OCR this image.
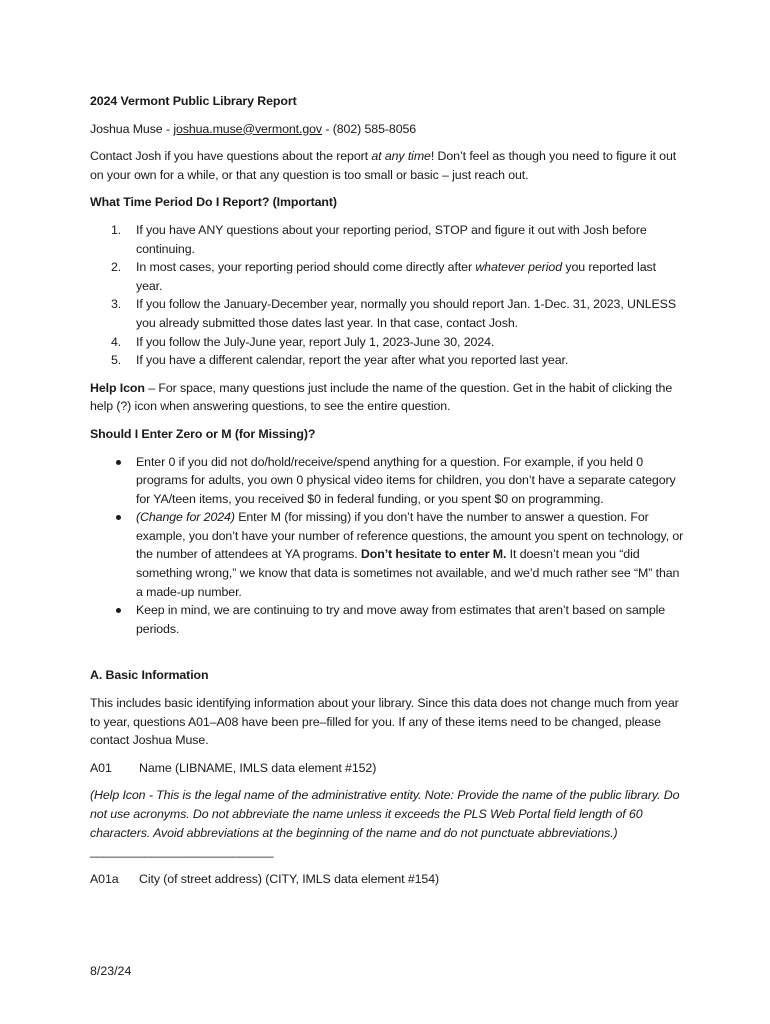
2024 Vermont Public Library Report

Joshua Muse - joshua.muse@vermont.gov - (802) 585-8056

Contact Josh if you have questions about the report at any time! Don’t feel as though you need to figure it out on your own for a while, or that any question is too small or basic – just reach out.

What Time Period Do I Report? (Important)

1. If you have ANY questions about your reporting period, STOP and figure it out with Josh before continuing.
2. In most cases, your reporting period should come directly after whatever period you reported last year.
3. If you follow the January-December year, normally you should report Jan. 1-Dec. 31, 2023, UNLESS you already submitted those dates last year. In that case, contact Josh.
4. If you follow the July-June year, report July 1, 2023-June 30, 2024.
5. If you have a different calendar, report the year after what you reported last year.

Help Icon – For space, many questions just include the name of the question. Get in the habit of clicking the help (?) icon when answering questions, to see the entire question.

Should I Enter Zero or M (for Missing)?

Enter 0 if you did not do/hold/receive/spend anything for a question. For example, if you held 0 programs for adults, you own 0 physical video items for children, you don’t have a separate category for YA/teen items, you received $0 in federal funding, or you spent $0 on programming.
(Change for 2024) Enter M (for missing) if you don’t have the number to answer a question. For example, you don’t have your number of reference questions, the amount you spent on technology, or the number of attendees at YA programs. Don’t hesitate to enter M. It doesn’t mean you “did something wrong,” we know that data is sometimes not available, and we’d much rather see “M” than a made-up number.
Keep in mind, we are continuing to try and move away from estimates that aren’t based on sample periods.

A. Basic Information

This includes basic identifying information about your library. Since this data does not change much from year to year, questions A01–A08 have been pre–filled for you. If any of these items need to be changed, please contact Joshua Muse.

A01	Name (LIBNAME, IMLS data element #152)

(Help Icon - This is the legal name of the administrative entity. Note: Provide the name of the public library. Do not use acronyms. Do not abbreviate the name unless it exceeds the PLS Web Portal field length of 60 characters. Avoid abbreviations at the beginning of the name and do not punctuate abbreviations.) ___________________________

A01a	City (of street address) (CITY, IMLS data element #154)
8/23/24
